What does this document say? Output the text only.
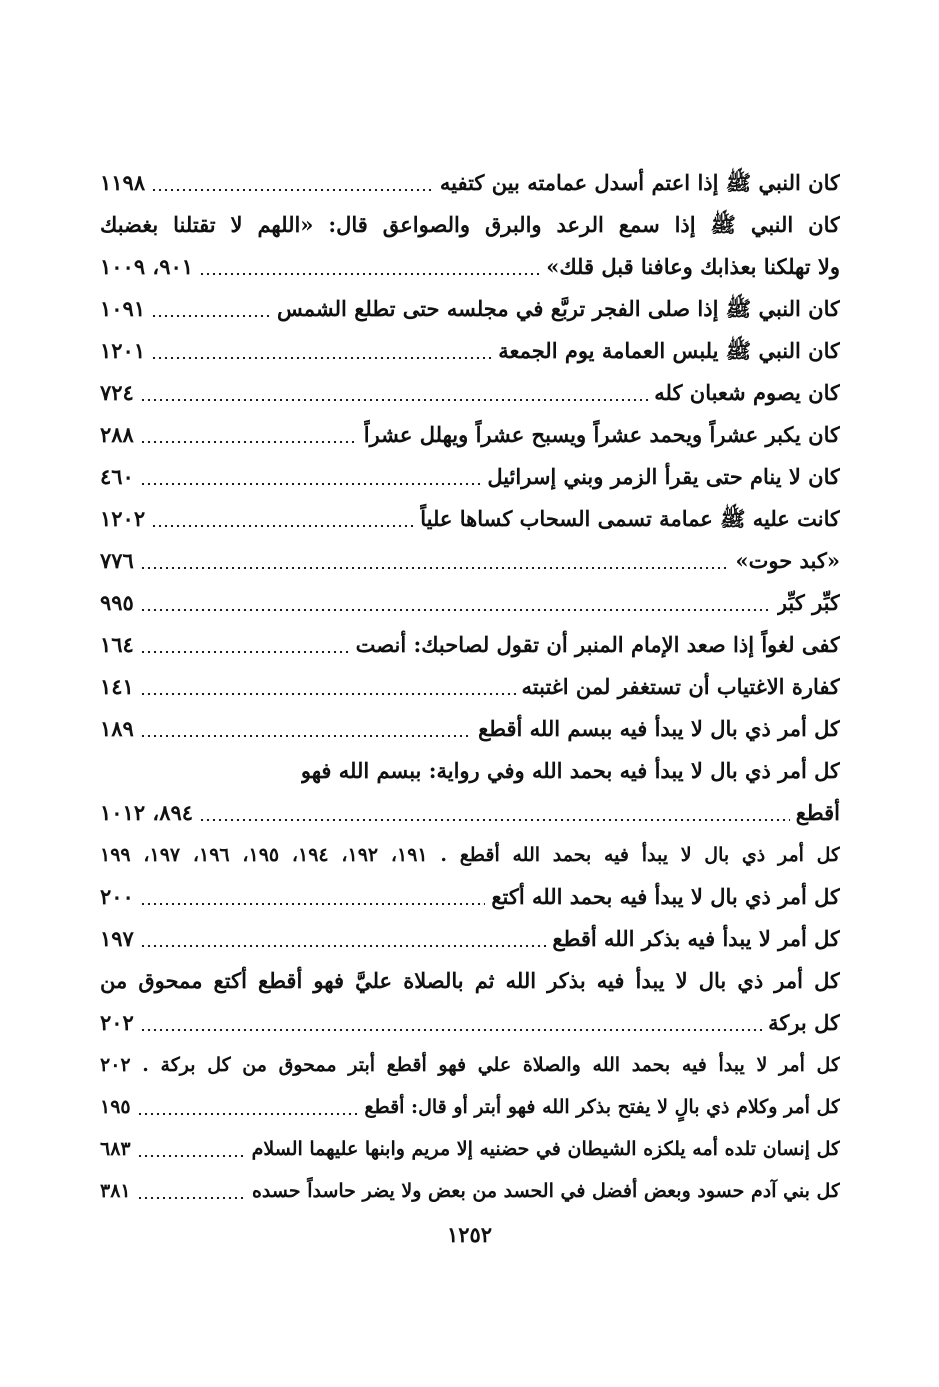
كان النبي ﷺ إذا اعتم أسدل عمامته بين كتفيه
١١٩٨
كان النبي ﷺ إذا سمع الرعد والبرق والصواعق قال: «اللهم لا تقتلنا بغضبك
ولا تهلكنا بعذابك وعافنا قبل قلك»
٩٠١، ١٠٠٩
كان النبي ﷺ إذا صلى الفجر تربَّع في مجلسه حتى تطلع الشمس
١٠٩١
كان النبي ﷺ يلبس العمامة يوم الجمعة
١٢٠١
كان يصوم شعبان كله
٧٢٤
كان يكبر عشراً ويحمد عشراً ويسبح عشراً ويهلل عشراً
٢٨٨
كان لا ينام حتى يقرأ الزمر وبني إسرائيل
٤٦٠
كانت عليه ﷺ عمامة تسمى السحاب كساها علياً
١٢٠٢
«كبد حوت»
٧٧٦
كبِّر كبِّر
٩٩٥
كفى لغواً إذا صعد الإمام المنبر أن تقول لصاحبك: أنصت
١٦٤
كفارة الاغتياب أن تستغفر لمن اغتبته
١٤١
كل أمر ذي بال لا يبدأ فيه ببسم الله أقطع
١٨٩
كل أمر ذي بال لا يبدأ فيه بحمد الله وفي رواية: ببسم الله فهو
أقطع
٨٩٤، ١٠١٢
كل أمر ذي بال لا يبدأ فيه بحمد الله أقطع . ١٩١، ١٩٢، ١٩٤، ١٩٥، ١٩٦، ١٩٧، ١٩٩
كل أمر ذي بال لا يبدأ فيه بحمد الله أكتع
٢٠٠
كل أمر لا يبدأ فيه بذكر الله أقطع
١٩٧
كل أمر ذي بال لا يبدأ فيه بذكر الله ثم بالصلاة عليَّ فهو أقطع أكتع ممحوق من
كل بركة
٢٠٢
كل أمر لا يبدأ فيه بحمد الله والصلاة علي فهو أقطع أبتر ممحوق من كل بركة . ٢٠٢
كل أمر وكلام ذي بالٍ لا يفتح بذكر الله فهو أبتر أو قال: أقطع
١٩٥
كل إنسان تلده أمه يلكزه الشيطان في حضنيه إلا مريم وابنها عليهما السلام
٦٨٣
كل بني آدم حسود وبعض أفضل في الحسد من بعض ولا يضر حاسداً حسده
٣٨١
١٢٥٢
